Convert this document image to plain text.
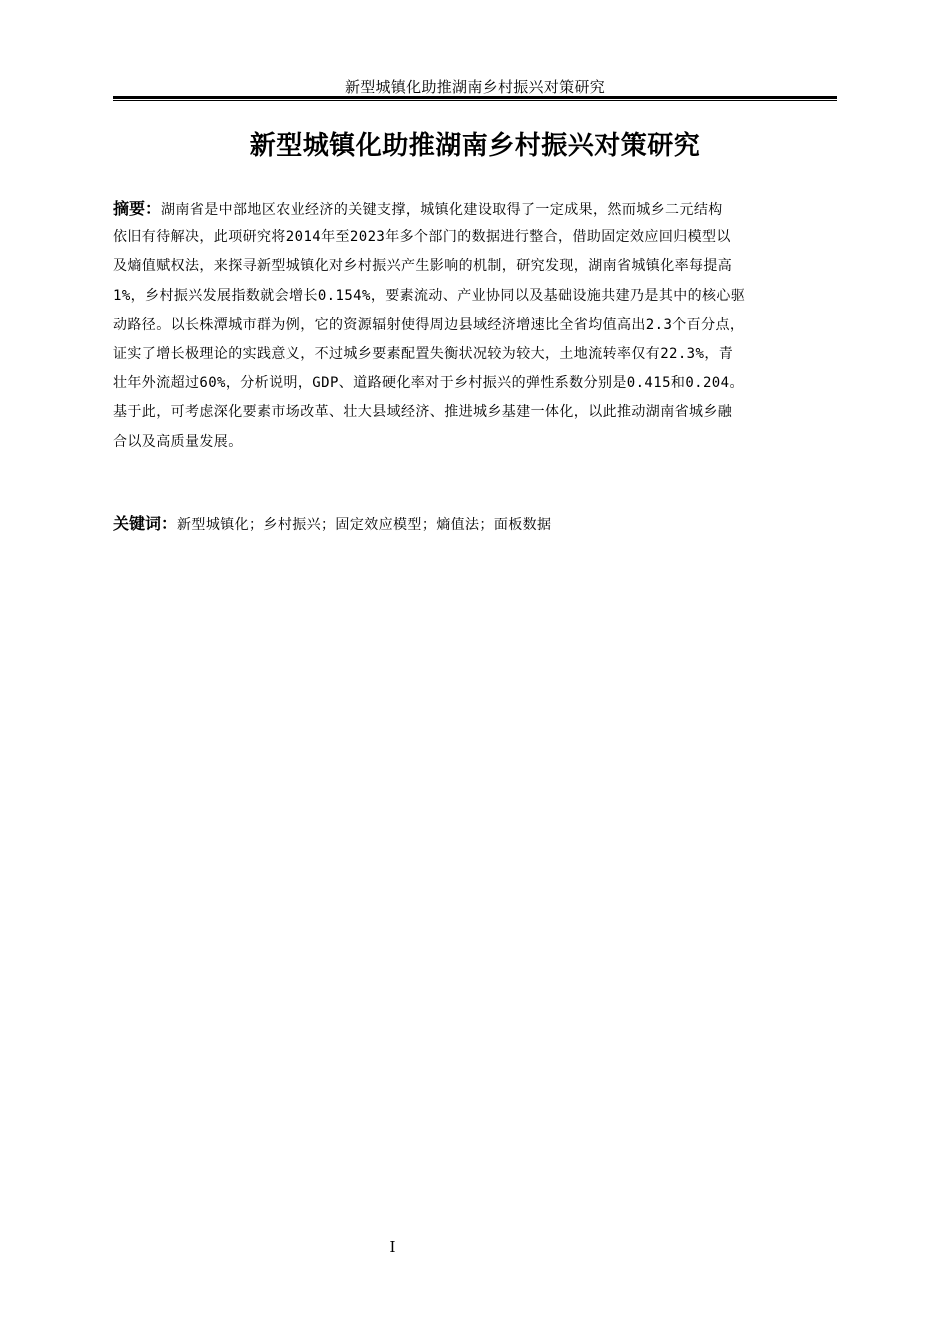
新型城镇化助推湖南乡村振兴对策研究
新型城镇化助推湖南乡村振兴对策研究
摘要：湖南省是中部地区农业经济的关键支撑，城镇化建设取得了一定成果，然而城乡二元结构
依旧有待解决，此项研究将2014年至2023年多个部门的数据进行整合，借助固定效应回归模型以
及熵值赋权法，来探寻新型城镇化对乡村振兴产生影响的机制，研究发现，湖南省城镇化率每提高
1%，乡村振兴发展指数就会增长0.154%，要素流动、产业协同以及基础设施共建乃是其中的核心驱
动路径。以长株潭城市群为例，它的资源辐射使得周边县域经济增速比全省均值高出2.3个百分点，
证实了增长极理论的实践意义，不过城乡要素配置失衡状况较为较大，土地流转率仅有22.3%，青
壮年外流超过60%，分析说明，GDP、道路硬化率对于乡村振兴的弹性系数分别是0.415和0.204。
基于此，可考虑深化要素市场改革、壮大县域经济、推进城乡基建一体化，以此推动湖南省城乡融
合以及高质量发展。
关键词：新型城镇化；乡村振兴；固定效应模型；熵值法；面板数据
I
